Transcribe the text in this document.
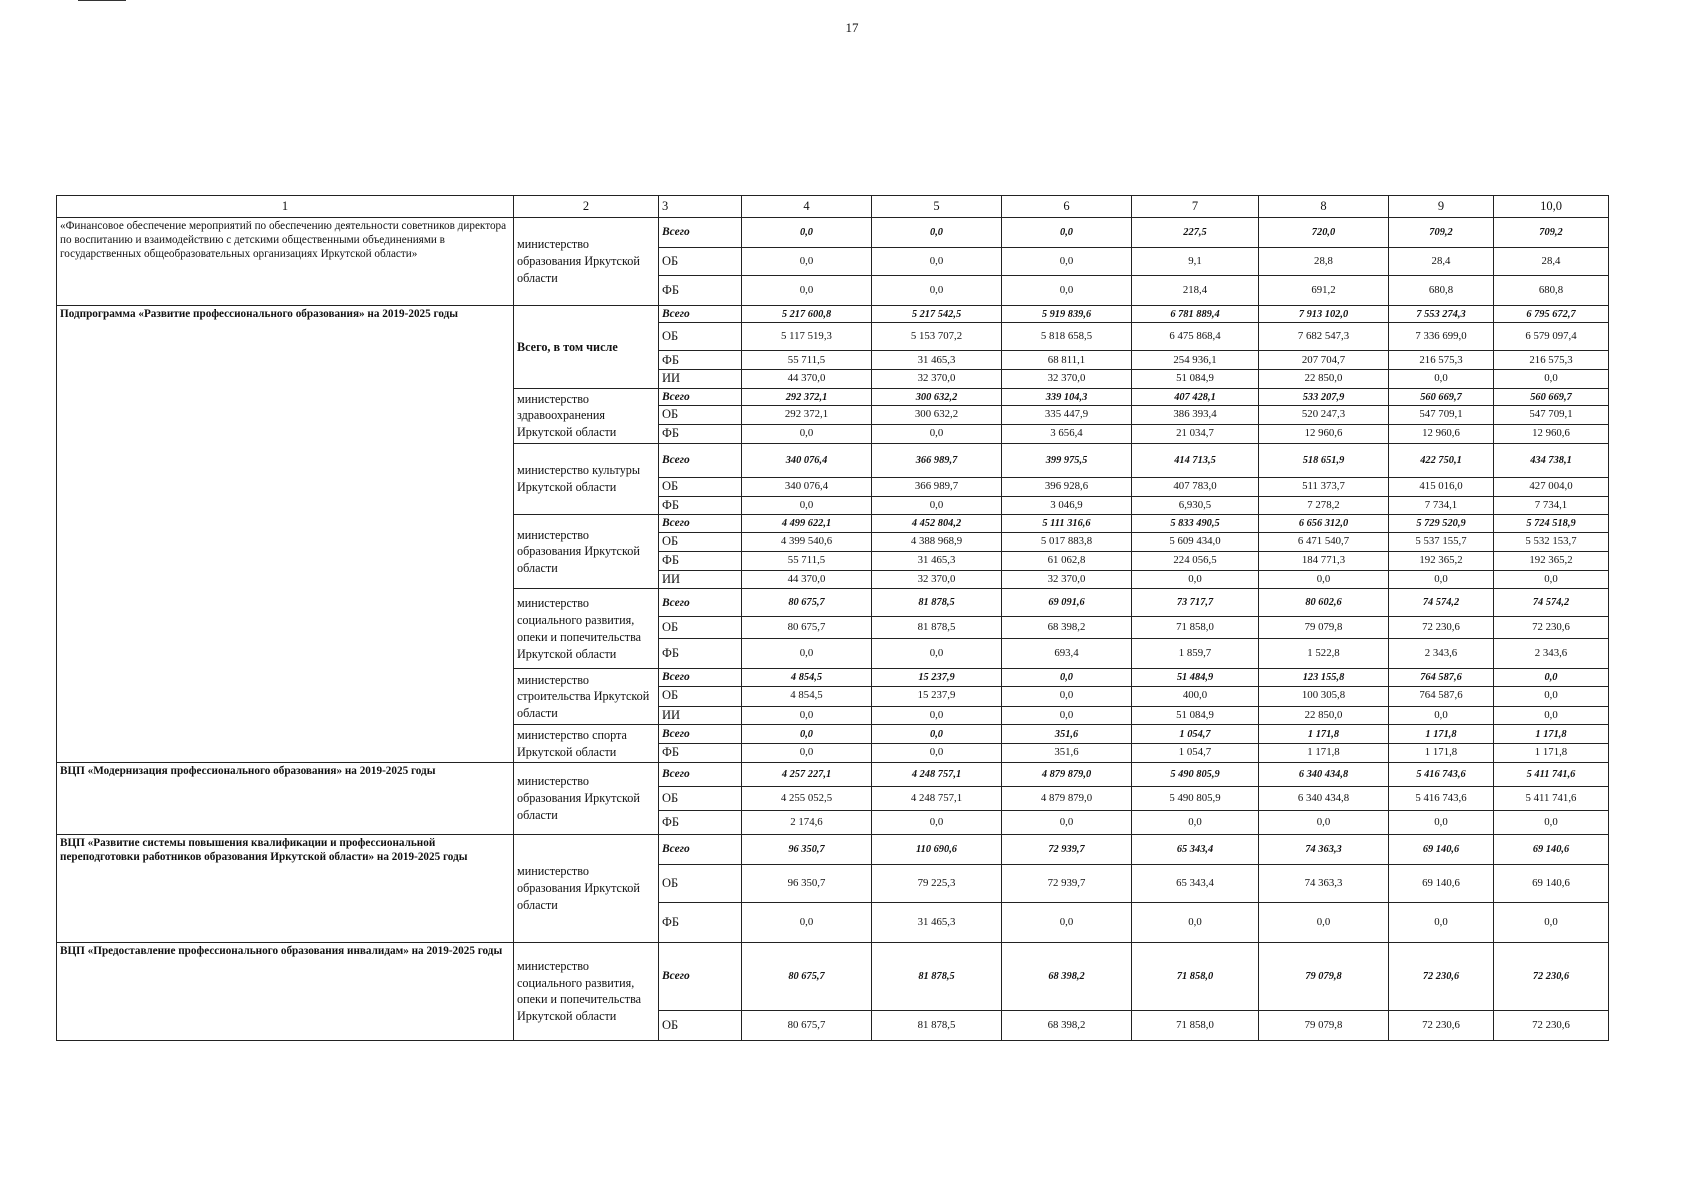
17
1	2	3	4	5	6	7	8	9	10,0
«Финансовое обеспечение мероприятий по обеспечению деятельности советников директора по воспитанию и взаимодействию с детскими общественными объединениями в государственных общеобразовательных организациях Иркутской области»	министерство образования Иркутской области	Всего	0,0	0,0	0,0	227,5	720,0	709,2	709,2
		ОБ	0,0	0,0	0,0	9,1	28,8	28,4	28,4
		ФБ	0,0	0,0	0,0	218,4	691,2	680,8	680,8
Подпрограмма «Развитие профессионального образования» на 2019-2025 годы	Всего, в том числе	Всего	5 217 600,8	5 217 542,5	5 919 839,6	6 781 889,4	7 913 102,0	7 553 274,3	6 795 672,7
		ОБ	5 117 519,3	5 153 707,2	5 818 658,5	6 475 868,4	7 682 547,3	7 336 699,0	6 579 097,4
		ФБ	55 711,5	31 465,3	68 811,1	254 936,1	207 704,7	216 575,3	216 575,3
		ИИ	44 370,0	32 370,0	32 370,0	51 084,9	22 850,0	0,0	0,0
	министерство здравоохранения Иркутской области	Всего	292 372,1	300 632,2	339 104,3	407 428,1	533 207,9	560 669,7	560 669,7
		ОБ	292 372,1	300 632,2	335 447,9	386 393,4	520 247,3	547 709,1	547 709,1
		ФБ	0,0	0,0	3 656,4	21 034,7	12 960,6	12 960,6	12 960,6
	министерство культуры Иркутской области	Всего	340 076,4	366 989,7	399 975,5	414 713,5	518 651,9	422 750,1	434 738,1
		ОБ	340 076,4	366 989,7	396 928,6	407 783,0	511 373,7	415 016,0	427 004,0
		ФБ	0,0	0,0	3 046,9	6,930,5	7 278,2	7 734,1	7 734,1
	министерство образования Иркутской области	Всего	4 499 622,1	4 452 804,2	5 111 316,6	5 833 490,5	6 656 312,0	5 729 520,9	5 724 518,9
		ОБ	4 399 540,6	4 388 968,9	5 017 883,8	5 609 434,0	6 471 540,7	5 537 155,7	5 532 153,7
		ФБ	55 711,5	31 465,3	61 062,8	224 056,5	184 771,3	192 365,2	192 365,2
		ИИ	44 370,0	32 370,0	32 370,0	0,0	0,0	0,0	0,0
	министерство социального развития, опеки и попечительства Иркутской области	Всего	80 675,7	81 878,5	69 091,6	73 717,7	80 602,6	74 574,2	74 574,2
		ОБ	80 675,7	81 878,5	68 398,2	71 858,0	79 079,8	72 230,6	72 230,6
		ФБ	0,0	0,0	693,4	1 859,7	1 522,8	2 343,6	2 343,6
	министерство строительства Иркутской области	Всего	4 854,5	15 237,9	0,0	51 484,9	123 155,8	764 587,6	0,0
		ОБ	4 854,5	15 237,9	0,0	400,0	100 305,8	764 587,6	0,0
		ИИ	0,0	0,0	0,0	51 084,9	22 850,0	0,0	0,0
	министерство спорта Иркутской области	Всего	0,0	0,0	351,6	1 054,7	1 171,8	1 171,8	1 171,8
		ФБ	0,0	0,0	351,6	1 054,7	1 171,8	1 171,8	1 171,8
ВЦП «Модернизация профессионального образования» на 2019-2025 годы	министерство образования Иркутской области	Всего	4 257 227,1	4 248 757,1	4 879 879,0	5 490 805,9	6 340 434,8	5 416 743,6	5 411 741,6
		ОБ	4 255 052,5	4 248 757,1	4 879 879,0	5 490 805,9	6 340 434,8	5 416 743,6	5 411 741,6
		ФБ	2 174,6	0,0	0,0	0,0	0,0	0,0	0,0
ВЦП «Развитие системы повышения квалификации и профессиональной переподготовки работников образования Иркутской области» на 2019-2025 годы	министерство образования Иркутской области	Всего	96 350,7	110 690,6	72 939,7	65 343,4	74 363,3	69 140,6	69 140,6
		ОБ	96 350,7	79 225,3	72 939,7	65 343,4	74 363,3	69 140,6	69 140,6
		ФБ	0,0	31 465,3	0,0	0,0	0,0	0,0	0,0
ВЦП «Предоставление профессионального образования инвалидам» на 2019-2025 годы	министерство социального развития, опеки и попечительства Иркутской области	Всего	80 675,7	81 878,5	68 398,2	71 858,0	79 079,8	72 230,6	72 230,6
		ОБ	80 675,7	81 878,5	68 398,2	71 858,0	79 079,8	72 230,6	72 230,6
